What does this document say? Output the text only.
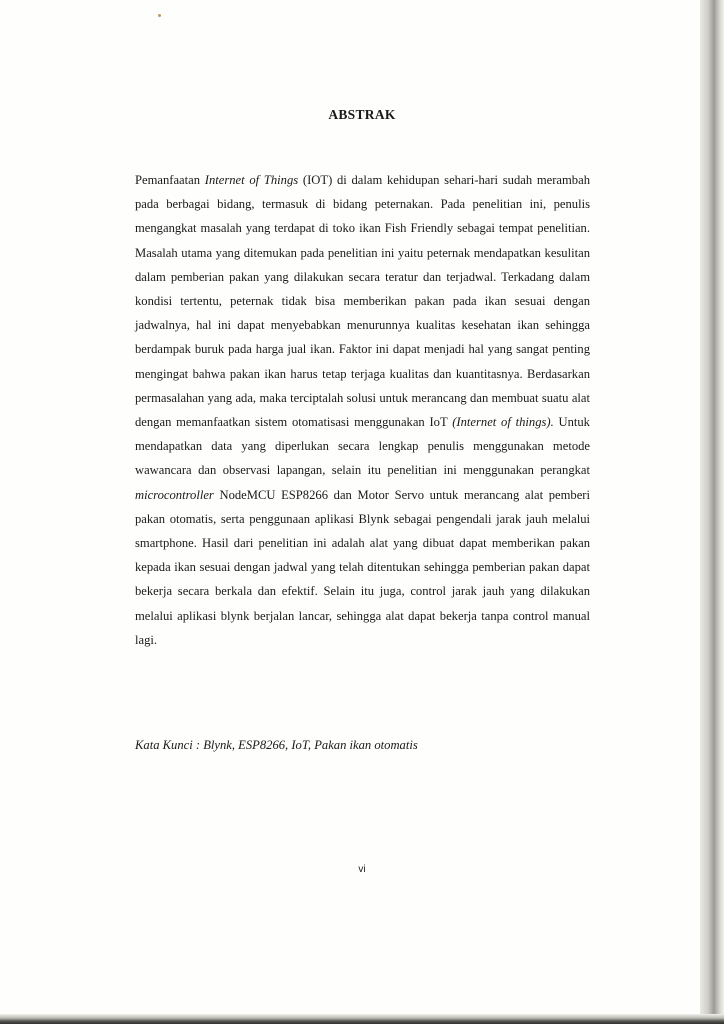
ABSTRAK
Pemanfaatan Internet of Things (IOT) di dalam kehidupan sehari-hari sudah merambah pada berbagai bidang, termasuk di bidang peternakan. Pada penelitian ini, penulis mengangkat masalah yang terdapat di toko ikan Fish Friendly sebagai tempat penelitian. Masalah utama yang ditemukan pada penelitian ini yaitu peternak mendapatkan kesulitan dalam pemberian pakan yang dilakukan secara teratur dan terjadwal. Terkadang dalam kondisi tertentu, peternak tidak bisa memberikan pakan pada ikan sesuai dengan jadwalnya, hal ini dapat menyebabkan menurunnya kualitas kesehatan ikan sehingga berdampak buruk pada harga jual ikan. Faktor ini dapat menjadi hal yang sangat penting mengingat bahwa pakan ikan harus tetap terjaga kualitas dan kuantitasnya. Berdasarkan permasalahan yang ada, maka terciptalah solusi untuk merancang dan membuat suatu alat dengan memanfaatkan sistem otomatisasi menggunakan IoT (Internet of things). Untuk mendapatkan data yang diperlukan secara lengkap penulis menggunakan metode wawancara dan observasi lapangan, selain itu penelitian ini menggunakan perangkat microcontroller NodeMCU ESP8266 dan Motor Servo untuk merancang alat pemberi pakan otomatis, serta penggunaan aplikasi Blynk sebagai pengendali jarak jauh melalui smartphone. Hasil dari penelitian ini adalah alat yang dibuat dapat memberikan pakan kepada ikan sesuai dengan jadwal yang telah ditentukan sehingga pemberian pakan dapat bekerja secara berkala dan efektif. Selain itu juga, control jarak jauh yang dilakukan melalui aplikasi blynk berjalan lancar, sehingga alat dapat bekerja tanpa control manual lagi.
Kata Kunci : Blynk, ESP8266, IoT, Pakan ikan otomatis
vi
